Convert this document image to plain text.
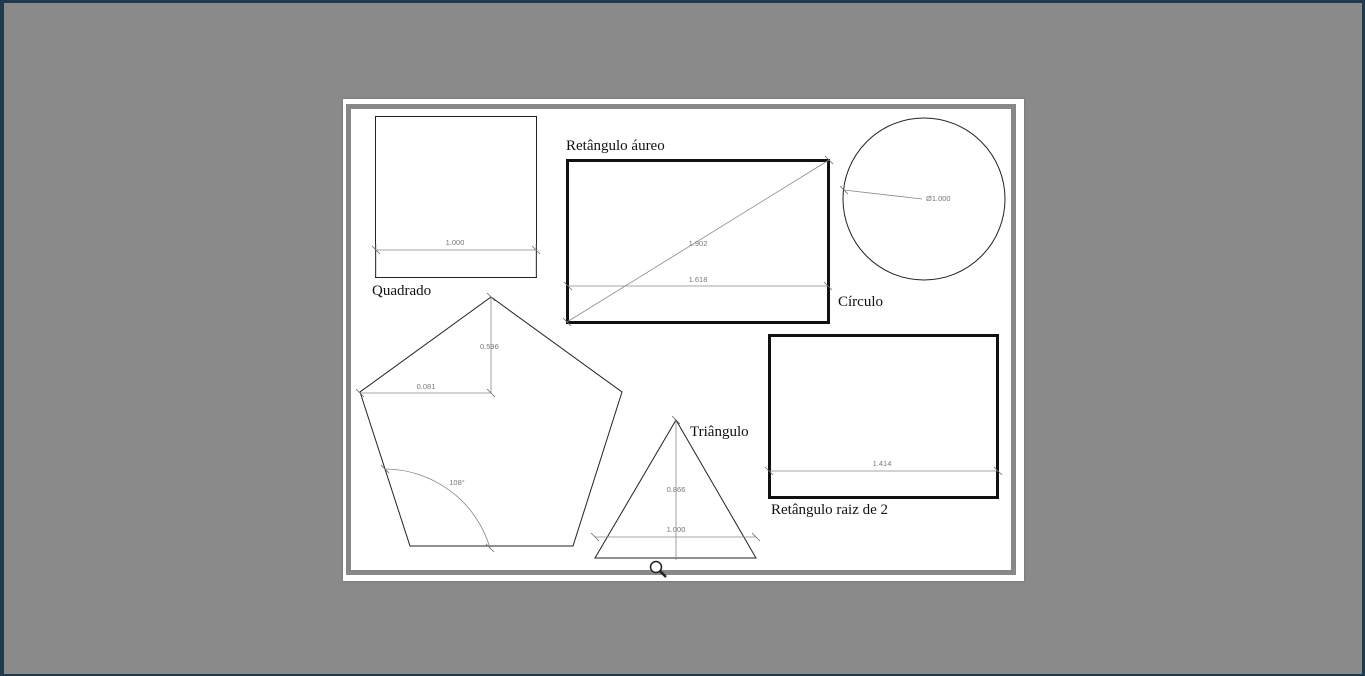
1.000
Quadrado
Retângulo áureo
1.902
1.618
Ø1.000
Círculo
0.596
0.081
108°
0.866
1.000
Triângulo
1.414
Retângulo raiz de 2
